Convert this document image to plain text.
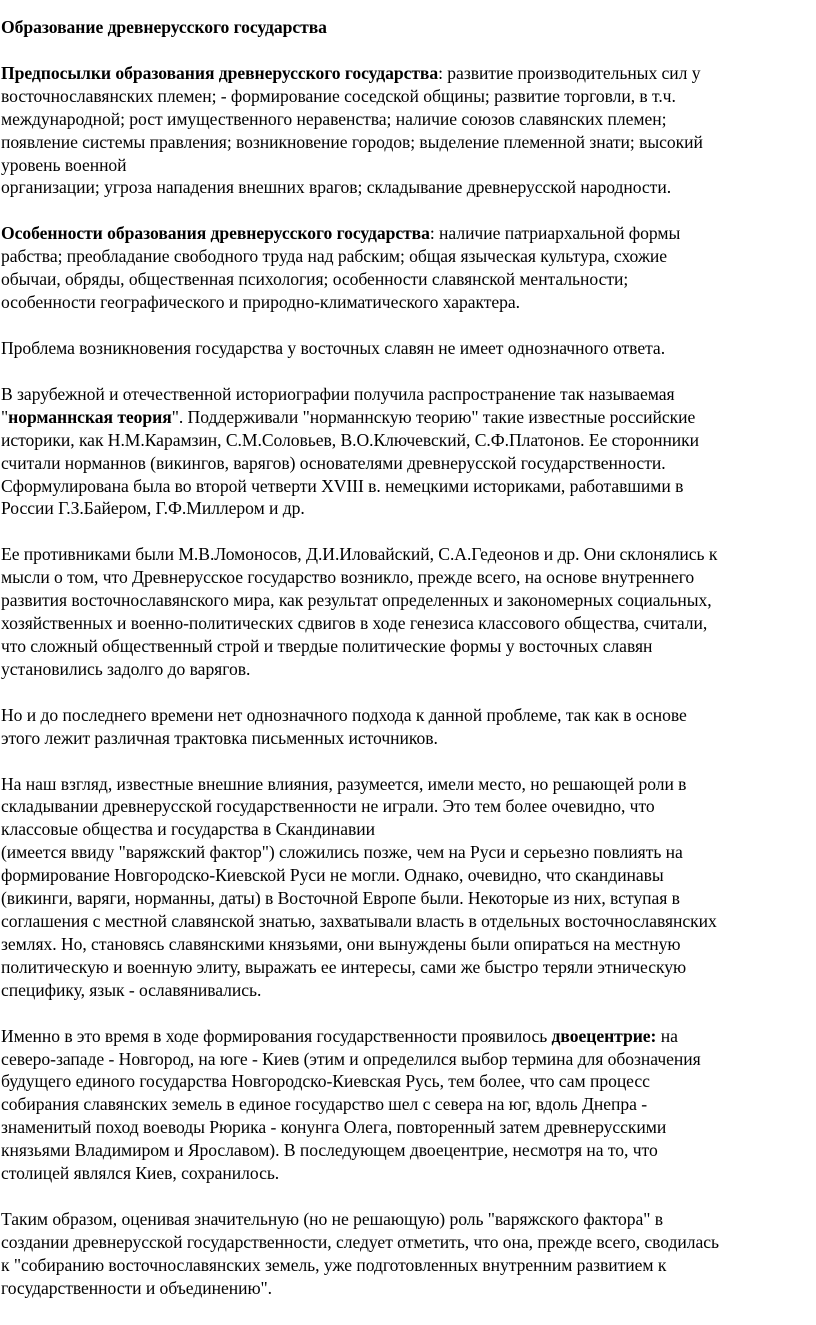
Образование древнерусского государства

Предпосылки образования древнерусского государства: развитие производительных сил у
восточнославянских племен; - формирование соседской общины; развитие торговли, в т.ч.
международной; рост имущественного неравенства; наличие союзов славянских племен;
появление системы правления; возникновение городов; выделение племенной знати; высокий
уровень военной
организации; угроза нападения внешних врагов; складывание древнерусской народности.

Особенности образования древнерусского государства: наличие патриархальной формы
рабства; преобладание свободного труда над рабским; общая языческая культура, схожие
обычаи, обряды, общественная психология; особенности славянской ментальности;
особенности географического и природно-климатического характера.

Проблема возникновения государства у восточных славян не имеет однозначного ответа.

В зарубежной и отечественной историографии получила распространение так называемая
"норманнская теория". Поддерживали "норманнскую теорию" такие известные российские
историки, как Н.М.Карамзин, С.М.Соловьев, В.О.Ключевский, С.Ф.Платонов. Ее сторонники
считали норманнов (викингов, варягов) основателями древнерусской государственности.
Сформулирована была во второй четверти XVIII в. немецкими историками, работавшими в
России Г.З.Байером, Г.Ф.Миллером и др.

Ее противниками были М.В.Ломоносов, Д.И.Иловайский, С.А.Гедеонов и др. Они склонялись к
мысли о том, что Древнерусское государство возникло, прежде всего, на основе внутреннего
развития восточнославянского мира, как результат определенных и закономерных социальных,
хозяйственных и военно-политических сдвигов в ходе генезиса классового общества, считали,
что сложный общественный строй и твердые политические формы у восточных славян
установились задолго до варягов.

Но и до последнего времени нет однозначного подхода к данной проблеме, так как в основе
этого лежит различная трактовка письменных источников.

На наш взгляд, известные внешние влияния, разумеется, имели место, но решающей роли в
складывании древнерусской государственности не играли. Это тем более очевидно, что
классовые общества и государства в Скандинавии
(имеется ввиду "варяжский фактор") сложились позже, чем на Руси и серьезно повлиять на
формирование Новгородско-Киевской Руси не могли. Однако, очевидно, что скандинавы
(викинги, варяги, норманны, даты) в Восточной Европе были. Некоторые из них, вступая в
соглашения с местной славянской знатью, захватывали власть в отдельных восточнославянских
землях. Но, становясь славянскими князьями, они вынуждены были опираться на местную
политическую и военную элиту, выражать ее интересы, сами же быстро теряли этническую
специфику, язык - ославянивались.

Именно в это время в ходе формирования государственности проявилось двоецентрие: на
северо-западе - Новгород, на юге - Киев (этим и определился выбор термина для обозначения
будущего единого государства Новгородско-Киевская Русь, тем более, что сам процесс
собирания славянских земель в единое государство шел с севера на юг, вдоль Днепра -
знаменитый поход воеводы Рюрика - конунга Олега, повторенный затем древнерусскими
князьями Владимиром и Ярославом). В последующем двоецентрие, несмотря на то, что
столицей являлся Киев, сохранилось.

Таким образом, оценивая значительную (но не решающую) роль "варяжского фактора" в
создании древнерусской государственности, следует отметить, что она, прежде всего, сводилась
к "собиранию восточнославянских земель, уже подготовленных внутренним развитием к
государственности и объединению".
